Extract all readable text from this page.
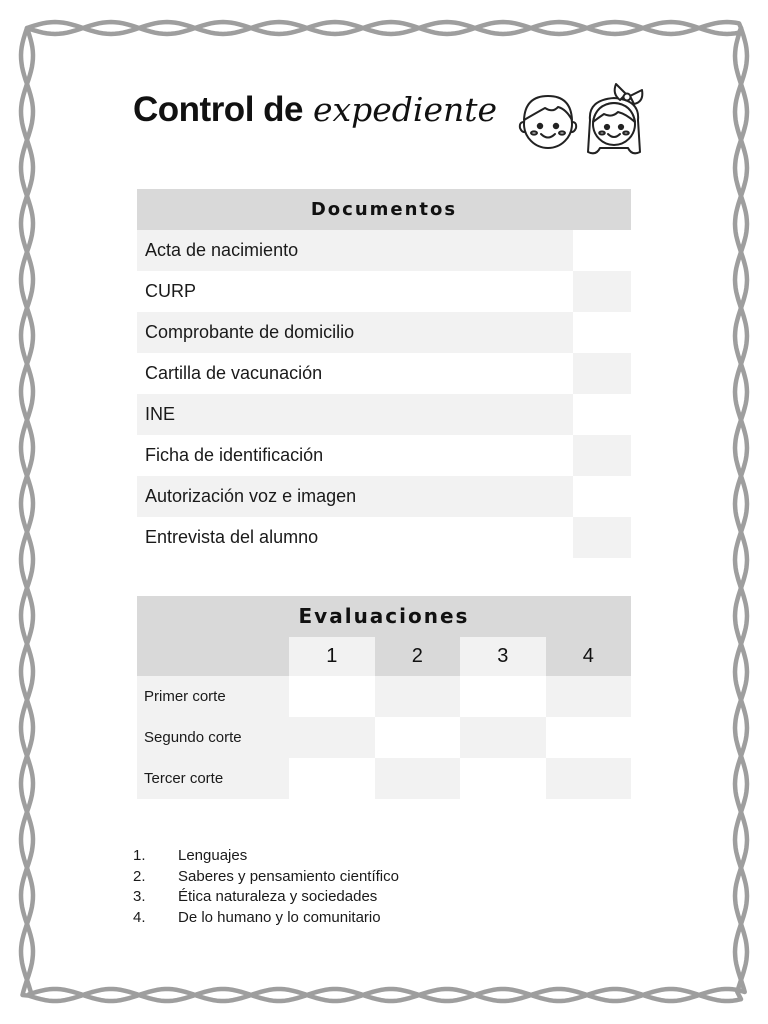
Control de expediente
Documentos
Acta de nacimiento
CURP
Comprobante de domicilio
Cartilla de vacunación
INE
Ficha de identificación
Autorización voz e imagen
Entrevista del alumno
Evaluaciones
1	2	3	4
Primer corte
Segundo corte
Tercer corte
1.	Lenguajes
2.	Saberes y pensamiento científico
3.	Ética naturaleza y sociedades
4.	De lo humano y lo comunitario
